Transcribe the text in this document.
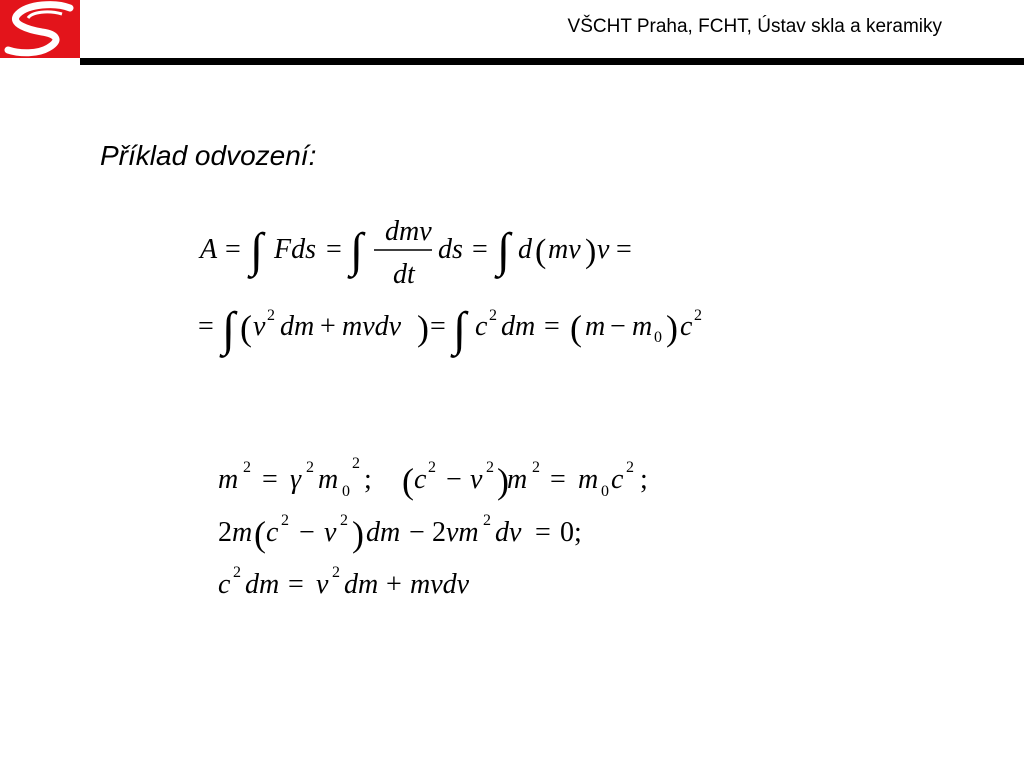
VŠCHT Praha, FCHT, Ústav skla a keramiky
Příklad odvození:
A = ∫ Fds = ∫ dmv
dt
ds = ∫ d ( mv ) v =
= ∫ ( v 2 dm + mvdv ) = ∫ c 2 dm = ( m − m 0 ) c 2
m 2 = γ 2 m 0
2
; ( c 2 − v 2 )
m 2 = m 0 c 2 ;
2 m ( c 2 − v 2 ) dm − 2 vm 2 dv = 0;
c 2 dm = v 2 dm + mvdv
